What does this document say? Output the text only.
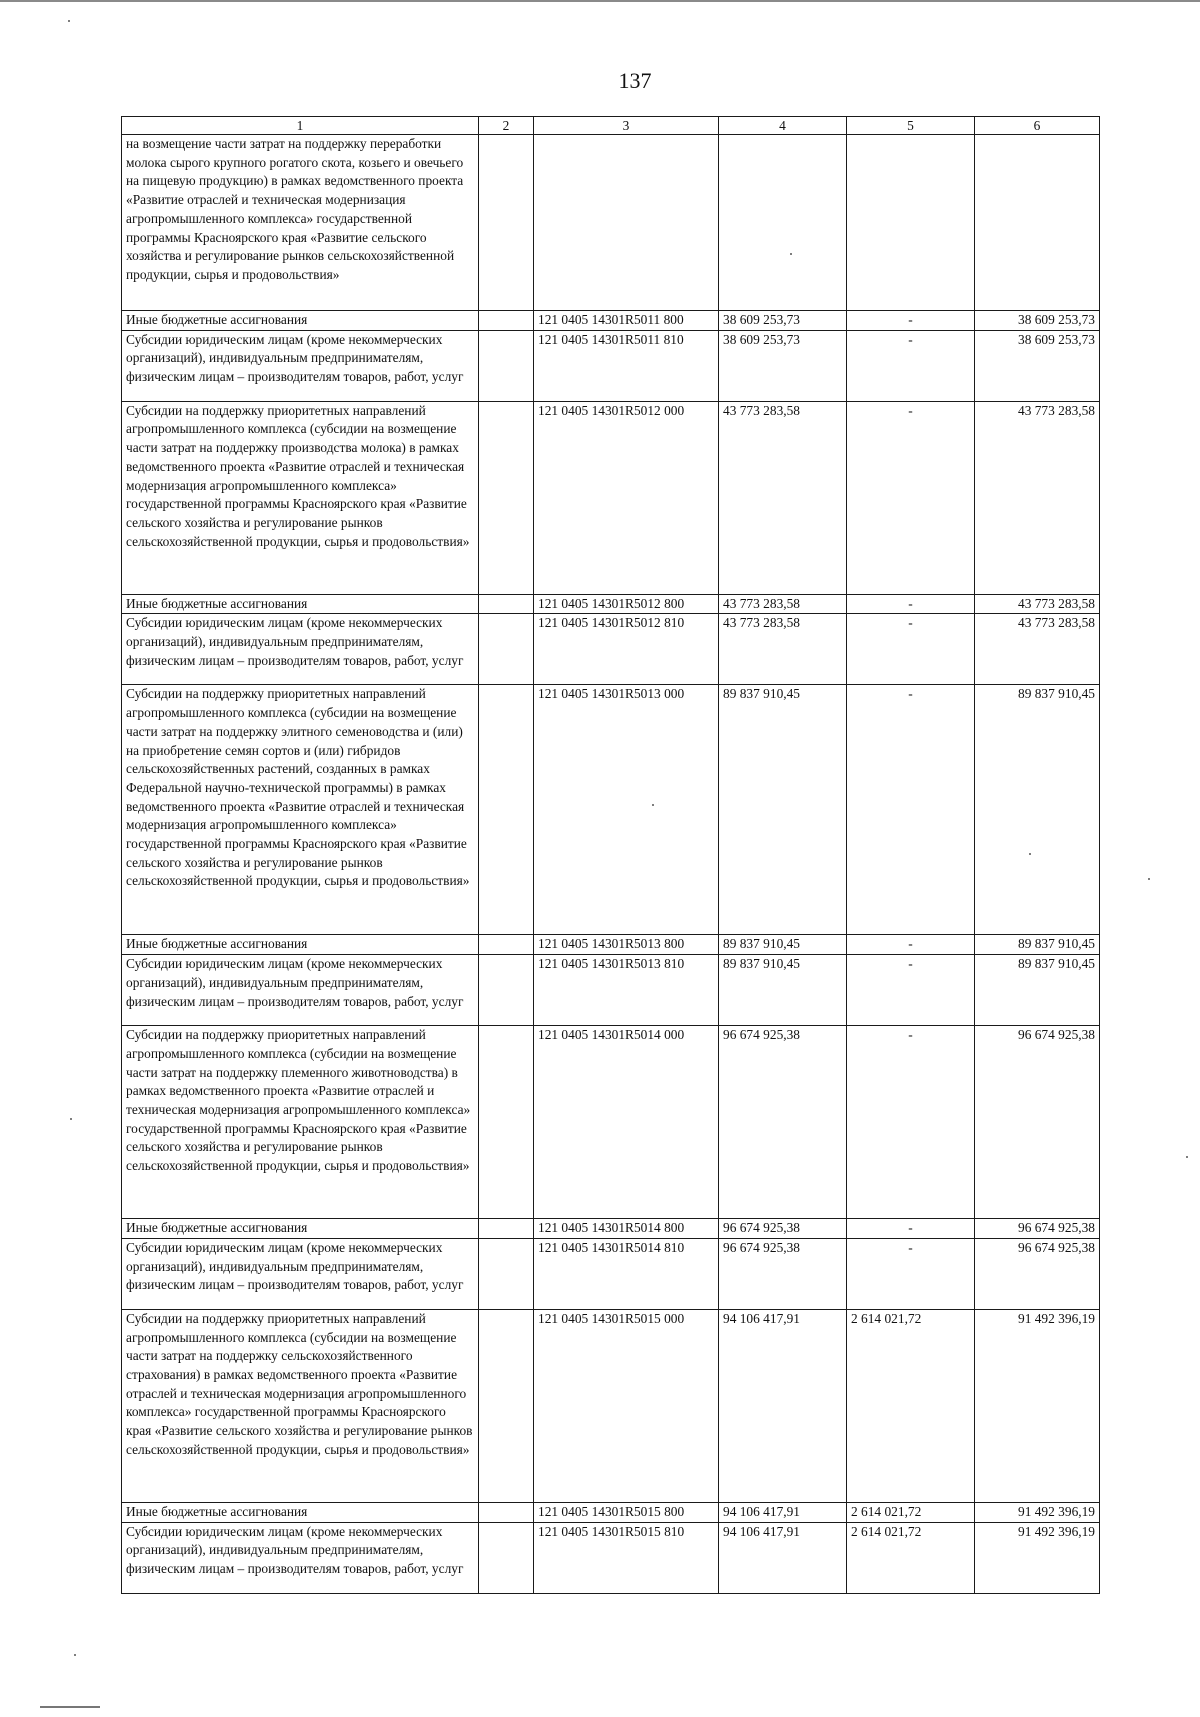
137
1	2	3	4	5	6
на возмещение части затрат на поддержку переработки молока сырого крупного рогатого скота, козьего и овечьего на пищевую продукцию) в рамках ведомственного проекта «Развитие отраслей и техническая модернизация агропромышленного комплекса» государственной программы Красноярского края «Развитие сельского хозяйства и регулирование рынков сельскохозяйственной продукции, сырья и продовольствия»					
Иные бюджетные ассигнования		121 0405 14301R5011 800	38 609 253,73	-	38 609 253,73
Субсидии юридическим лицам (кроме некоммерческих организаций), индивидуальным предпринимателям, физическим лицам – производителям товаров, работ, услуг		121 0405 14301R5011 810	38 609 253,73	-	38 609 253,73
Субсидии на поддержку приоритетных направлений агропромышленного комплекса (субсидии на возмещение части затрат на поддержку производства молока) в рамках ведомственного проекта «Развитие отраслей и техническая модернизация агропромышленного комплекса» государственной программы Красноярского края «Развитие сельского хозяйства и регулирование рынков сельскохозяйственной продукции, сырья и продовольствия»		121 0405 14301R5012 000	43 773 283,58	-	43 773 283,58
Иные бюджетные ассигнования		121 0405 14301R5012 800	43 773 283,58	-	43 773 283,58
Субсидии юридическим лицам (кроме некоммерческих организаций), индивидуальным предпринимателям, физическим лицам – производителям товаров, работ, услуг		121 0405 14301R5012 810	43 773 283,58	-	43 773 283,58
Субсидии на поддержку приоритетных направлений агропромышленного комплекса (субсидии на возмещение части затрат на поддержку элитного семеноводства и (или) на приобретение семян сортов и (или) гибридов сельскохозяйственных растений, созданных в рамках Федеральной научно-технической программы) в рамках ведомственного проекта «Развитие отраслей и техническая модернизация агропромышленного комплекса» государственной программы Красноярского края «Развитие сельского хозяйства и регулирование рынков сельскохозяйственной продукции, сырья и продовольствия»		121 0405 14301R5013 000	89 837 910,45	-	89 837 910,45
Иные бюджетные ассигнования		121 0405 14301R5013 800	89 837 910,45	-	89 837 910,45
Субсидии юридическим лицам (кроме некоммерческих организаций), индивидуальным предпринимателям, физическим лицам – производителям товаров, работ, услуг		121 0405 14301R5013 810	89 837 910,45	-	89 837 910,45
Субсидии на поддержку приоритетных направлений агропромышленного комплекса (субсидии на возмещение части затрат на поддержку племенного животноводства) в рамках ведомственного проекта «Развитие отраслей и техническая модернизация агропромышленного комплекса» государственной программы Красноярского края «Развитие сельского хозяйства и регулирование рынков сельскохозяйственной продукции, сырья и продовольствия»		121 0405 14301R5014 000	96 674 925,38	-	96 674 925,38
Иные бюджетные ассигнования		121 0405 14301R5014 800	96 674 925,38	-	96 674 925,38
Субсидии юридическим лицам (кроме некоммерческих организаций), индивидуальным предпринимателям, физическим лицам – производителям товаров, работ, услуг		121 0405 14301R5014 810	96 674 925,38	-	96 674 925,38
Субсидии на поддержку приоритетных направлений агропромышленного комплекса (субсидии на возмещение части затрат на поддержку сельскохозяйственного страхования) в рамках ведомственного проекта «Развитие отраслей и техническая модернизация агропромышленного комплекса» государственной программы Красноярского края «Развитие сельского хозяйства и регулирование рынков сельскохозяйственной продукции, сырья и продовольствия»		121 0405 14301R5015 000	94 106 417,91	2 614 021,72	91 492 396,19
Иные бюджетные ассигнования		121 0405 14301R5015 800	94 106 417,91	2 614 021,72	91 492 396,19
Субсидии юридическим лицам (кроме некоммерческих организаций), индивидуальным предпринимателям, физическим лицам – производителям товаров, работ, услуг		121 0405 14301R5015 810	94 106 417,91	2 614 021,72	91 492 396,19
